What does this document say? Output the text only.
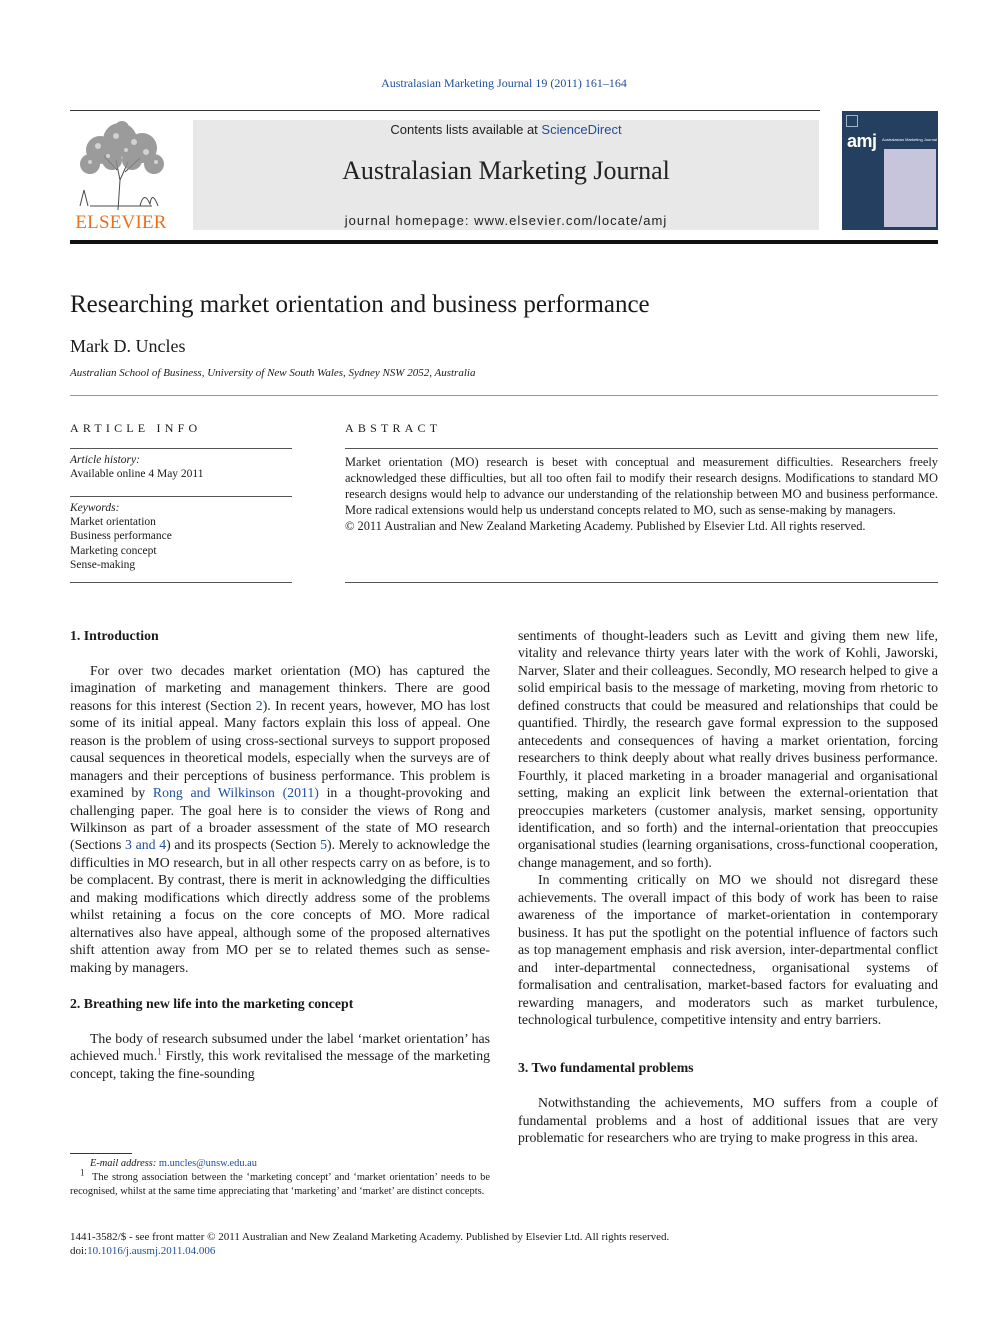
Australasian Marketing Journal 19 (2011) 161–164
ELSEVIER
Contents lists available at ScienceDirect
Australasian Marketing Journal
journal homepage: www.elsevier.com/locate/amj
amj Australasian Marketing Journal
Researching market orientation and business performance
Mark D. Uncles
Australian School of Business, University of New South Wales, Sydney NSW 2052, Australia
ARTICLE INFO	ABSTRACT
Article history:
Available online 4 May 2011
Keywords:
Market orientation
Business performance
Marketing concept
Sense-making

Market orientation (MO) research is beset with conceptual and measurement difficulties. Researchers freely acknowledged these difficulties, but all too often fail to modify their research designs. Modifications to standard MO research designs would help to advance our understanding of the relationship between MO and business performance. More radical extensions would help us understand concepts related to MO, such as sense-making by managers.

© 2011 Australian and New Zealand Marketing Academy. Published by Elsevier Ltd. All rights reserved.

1. Introduction

For over two decades market orientation (MO) has captured the imagination of marketing and management thinkers. There are good reasons for this interest (Section 2). In recent years, however, MO has lost some of its initial appeal. Many factors explain this loss of appeal. One reason is the problem of using cross-sectional surveys to support proposed causal sequences in theoretical models, especially when the surveys are of managers and their perceptions of business performance. This problem is examined by Rong and Wilkinson (2011) in a thought-provoking and challenging paper. The goal here is to consider the views of Rong and Wilkinson as part of a broader assessment of the state of MO research (Sections 3 and 4) and its prospects (Section 5). Merely to acknowledge the difficulties in MO research, but in all other respects carry on as before, is to be complacent. By contrast, there is merit in acknowledging the difficulties and making modifications which directly address some of the problems whilst retaining a focus on the core concepts of MO. More radical alternatives also have appeal, although some of the proposed alternatives shift attention away from MO per se to related themes such as sense-making by managers.

2. Breathing new life into the marketing concept

The body of research subsumed under the label ‘market orientation’ has achieved much.$^1$ Firstly, this work revitalised the message of the marketing concept, taking the fine-sounding

sentiments of thought-leaders such as Levitt and giving them new life, vitality and relevance thirty years later with the work of Kohli, Jaworski, Narver, Slater and their colleagues. Secondly, MO research helped to give a solid empirical basis to the message of marketing, moving from rhetoric to defined constructs that could be measured and relationships that could be quantified. Thirdly, the research gave formal expression to the supposed antecedents and consequences of having a market orientation, forcing researchers to think deeply about what really drives business performance. Fourthly, it placed marketing in a broader managerial and organisational setting, making an explicit link between the external-orientation that preoccupies marketers (customer analysis, market sensing, opportunity identification, and so forth) and the internal-orientation that preoccupies organisational studies (learning organisations, cross-functional cooperation, change management, and so forth).

In commenting critically on MO we should not disregard these achievements. The overall impact of this body of work has been to raise awareness of the importance of market-orientation in contemporary business. It has put the spotlight on the potential influence of factors such as top management emphasis and risk aversion, inter-departmental conflict and inter-departmental connectedness, organisational systems of formalisation and centralisation, market-based factors for evaluating and rewarding managers, and moderators such as market turbulence, technological turbulence, competitive intensity and entry barriers.

3. Two fundamental problems

Notwithstanding the achievements, MO suffers from a couple of fundamental problems and a host of additional issues that are very problematic for researchers who are trying to make progress in this area.

E-mail address: m.uncles@unsw.edu.au

$^1$ The strong association between the ‘marketing concept’ and ‘market orientation’ needs to be recognised, whilst at the same time appreciating that ‘marketing’ and ‘market’ are distinct concepts.

1441-3582/$ - see front matter © 2011 Australian and New Zealand Marketing Academy. Published by Elsevier Ltd. All rights reserved.
doi:10.1016/j.ausmj.2011.04.006
